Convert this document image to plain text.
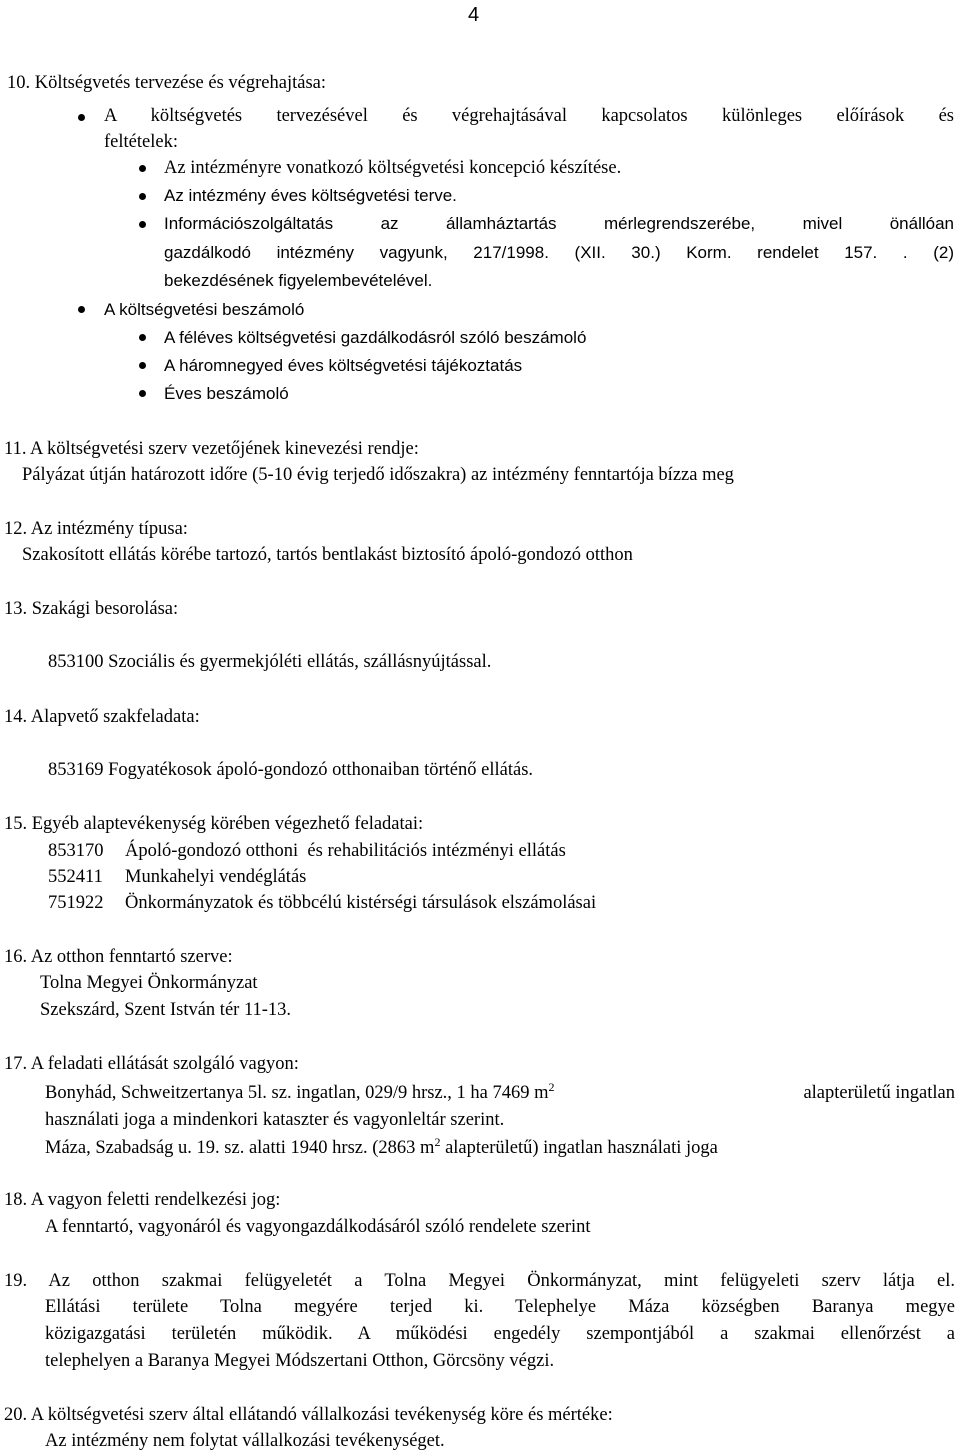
4
10. Költségvetés tervezése és végrehajtása:
A költségvetés tervezésével és végrehajtásával kapcsolatos különleges előírások és
feltételek:
Az intézményre vonatkozó költségvetési koncepció készítése.
Az intézmény éves költségvetési terve.
Információszolgáltatás az államháztartás mérlegrendszerébe, mivel önállóan
gazdálkodó intézmény vagyunk, 217/1998. (XII. 30.) Korm. rendelet 157. . (2)
bekezdésének figyelembevételével.
A költségvetési beszámoló
A féléves költségvetési gazdálkodásról szóló beszámoló
A háromnegyed éves költségvetési tájékoztatás
Éves beszámoló
11. A költségvetési szerv vezetőjének kinevezési rendje:
Pályázat útján határozott időre (5-10 évig terjedő időszakra) az intézmény fenntartója bízza meg
12. Az intézmény típusa:
Szakosított ellátás körébe tartozó, tartós bentlakást biztosító ápoló-gondozó otthon
13. Szakági besorolása:
853100 Szociális és gyermekjóléti ellátás, szállásnyújtással.
14. Alapvető szakfeladata:
853169 Fogyatékosok ápoló-gondozó otthonaiban történő ellátás.
15. Egyéb alaptevékenység körében végezhető feladatai:
853170 Ápoló-gondozó otthoni  és rehabilitációs intézményi ellátás
552411 Munkahelyi vendéglátás
751922 Önkormányzatok és többcélú kistérségi társulások elszámolásai
16. Az otthon fenntartó szerve:
Tolna Megyei Önkormányzat
Szekszárd, Szent István tér 11-13.
17. A feladati ellátását szolgáló vagyon:
Bonyhád, Schweitzertanya 5l. sz. ingatlan, 029/9 hrsz., 1 ha 7469 $m^2$	alapterületű ingatlan
használati joga a mindenkori kataszter és vagyonleltár szerint.
Máza, Szabadság u. 19. sz. alatti 1940 hrsz. (2863 $m^2$ alapterületű) ingatlan használati joga
18. A vagyon feletti rendelkezési jog:
A fenntartó, vagyonáról és vagyongazdálkodásáról szóló rendelete szerint
19. Az otthon szakmai felügyeletét a Tolna Megyei Önkormányzat, mint felügyeleti szerv látja el.
Ellátási területe Tolna megyére terjed ki. Telephelye Máza községben Baranya megye
közigazgatási területén működik. A működési engedély szempontjából a szakmai ellenőrzést a
telephelyen a Baranya Megyei Módszertani Otthon, Görcsöny végzi.
20. A költségvetési szerv által ellátandó vállalkozási tevékenység köre és mértéke:
Az intézmény nem folytat vállalkozási tevékenységet.
